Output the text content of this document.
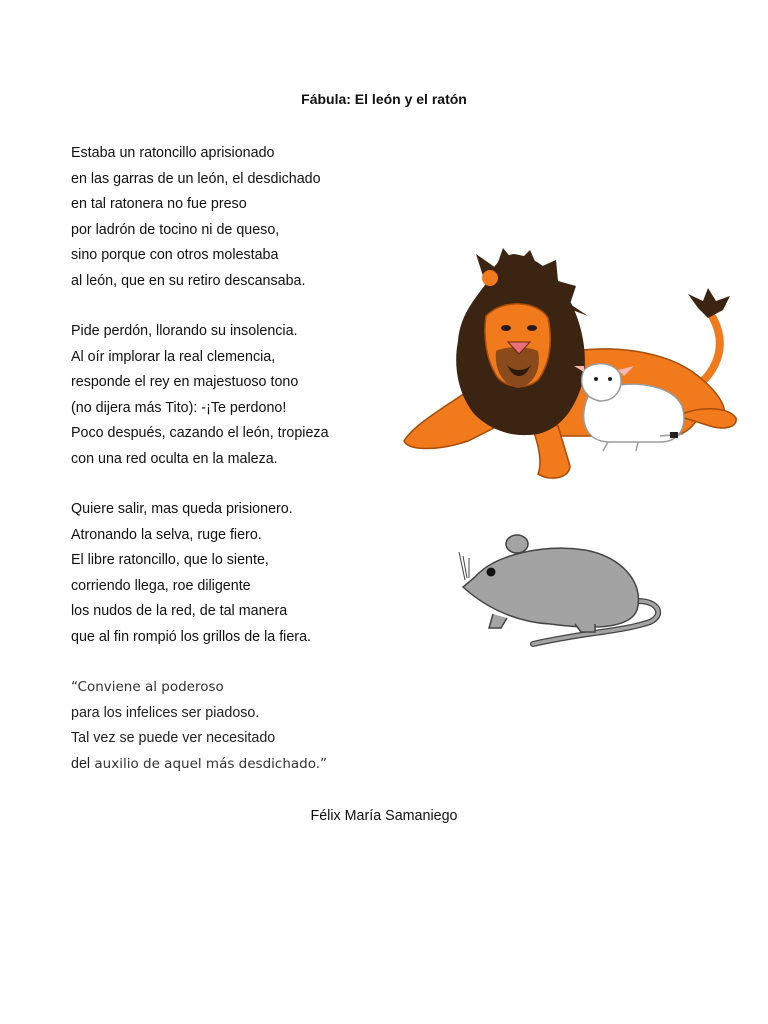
Fábula: El león y el ratón
Estaba un ratoncillo aprisionado
en las garras de un león, el desdichado
en tal ratonera no fue preso
por ladrón de tocino ni de queso,
sino porque con otros molestaba
al león, que en su retiro descansaba.
Pide perdón, llorando su insolencia.
Al oír implorar la real clemencia,
responde el rey en majestuoso tono
(no dijera más Tito): -¡Te perdono!
Poco después, cazando el león, tropieza
con una red oculta en la maleza.
Quiere salir, mas queda prisionero.
Atronando la selva, ruge fiero.
El libre ratoncillo, que lo siente,
corriendo llega, roe diligente
los nudos de la red, de tal manera
que al fin rompió los grillos de la fiera.
“Conviene al poderoso
para los infelices ser piadoso.
Tal vez se puede ver necesitado
del auxilio de aquel más desdichado.”
Félix María Samaniego
